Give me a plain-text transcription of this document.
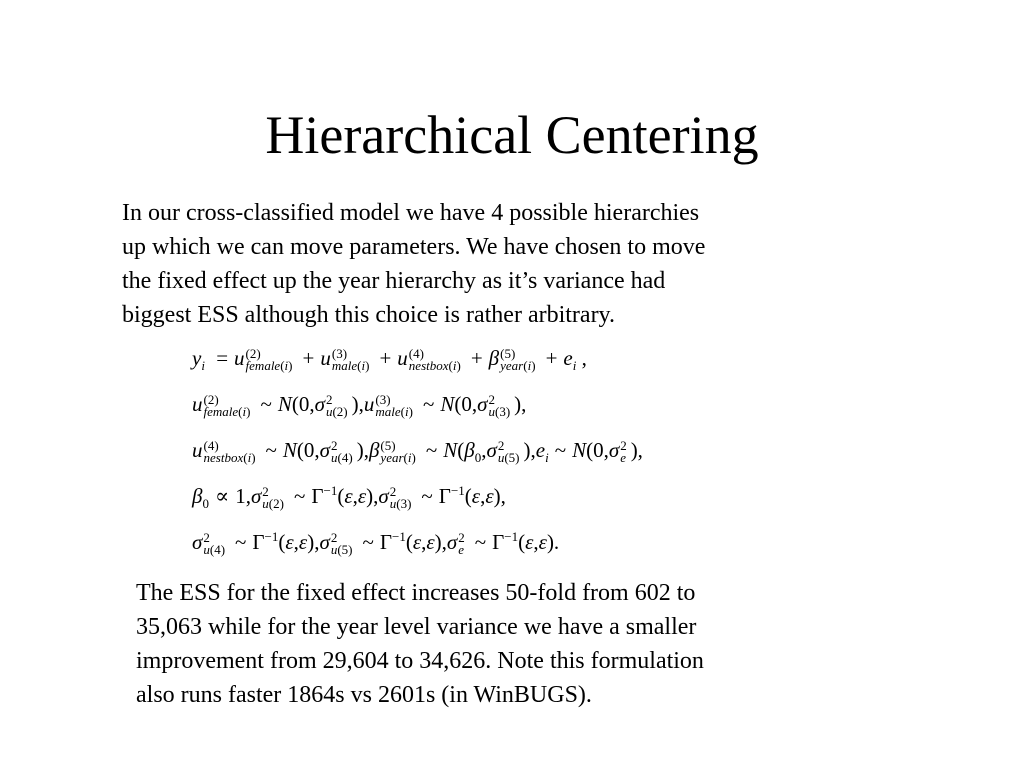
Hierarchical Centering
In our cross-classified model we have 4 possible hierarchies
up which we can move parameters. We have chosen to move
the fixed effect up the year hierarchy as it’s variance had
biggest ESS although this choice is rather arbitrary.
$y_i = u$ (2)
female(i) + u (3)
male(i) + u (4)
nestbox(i) + β (5)
year(i) + $e_i$ ,
u (2)
female(i) ~ N(0,σ 2
u(2) ),u (3)
male(i) ~ N(0,σ 2
u(3) ),
u (4)
nestbox(i) ~ N(0,σ 2
u(4) ),β (5)
year(i) ~ $N(\beta_0,\sigma$ 2
u(5) )$,e_i$ ~ N(0,σ 2
e ),
$\beta_0 \propto 1,\sigma$ 2
u(2) ~ $\Gamma^{-1}(\varepsilon,\varepsilon),\sigma$ 2
u(3) ~ $\Gamma^{-1}(\varepsilon,\varepsilon)$,
σ 2
u(4) ~ $\Gamma^{-1}(\varepsilon,\varepsilon),\sigma$ 2
u(5) ~ $\Gamma^{-1}(\varepsilon,\varepsilon),\sigma$ 2
e ~ $\Gamma^{-1}(\varepsilon,\varepsilon)$.
The ESS for the fixed effect increases 50-fold from 602 to
35,063 while for the year level variance we have a smaller
improvement from 29,604 to 34,626. Note this formulation
also runs faster 1864s vs 2601s (in WinBUGS).
